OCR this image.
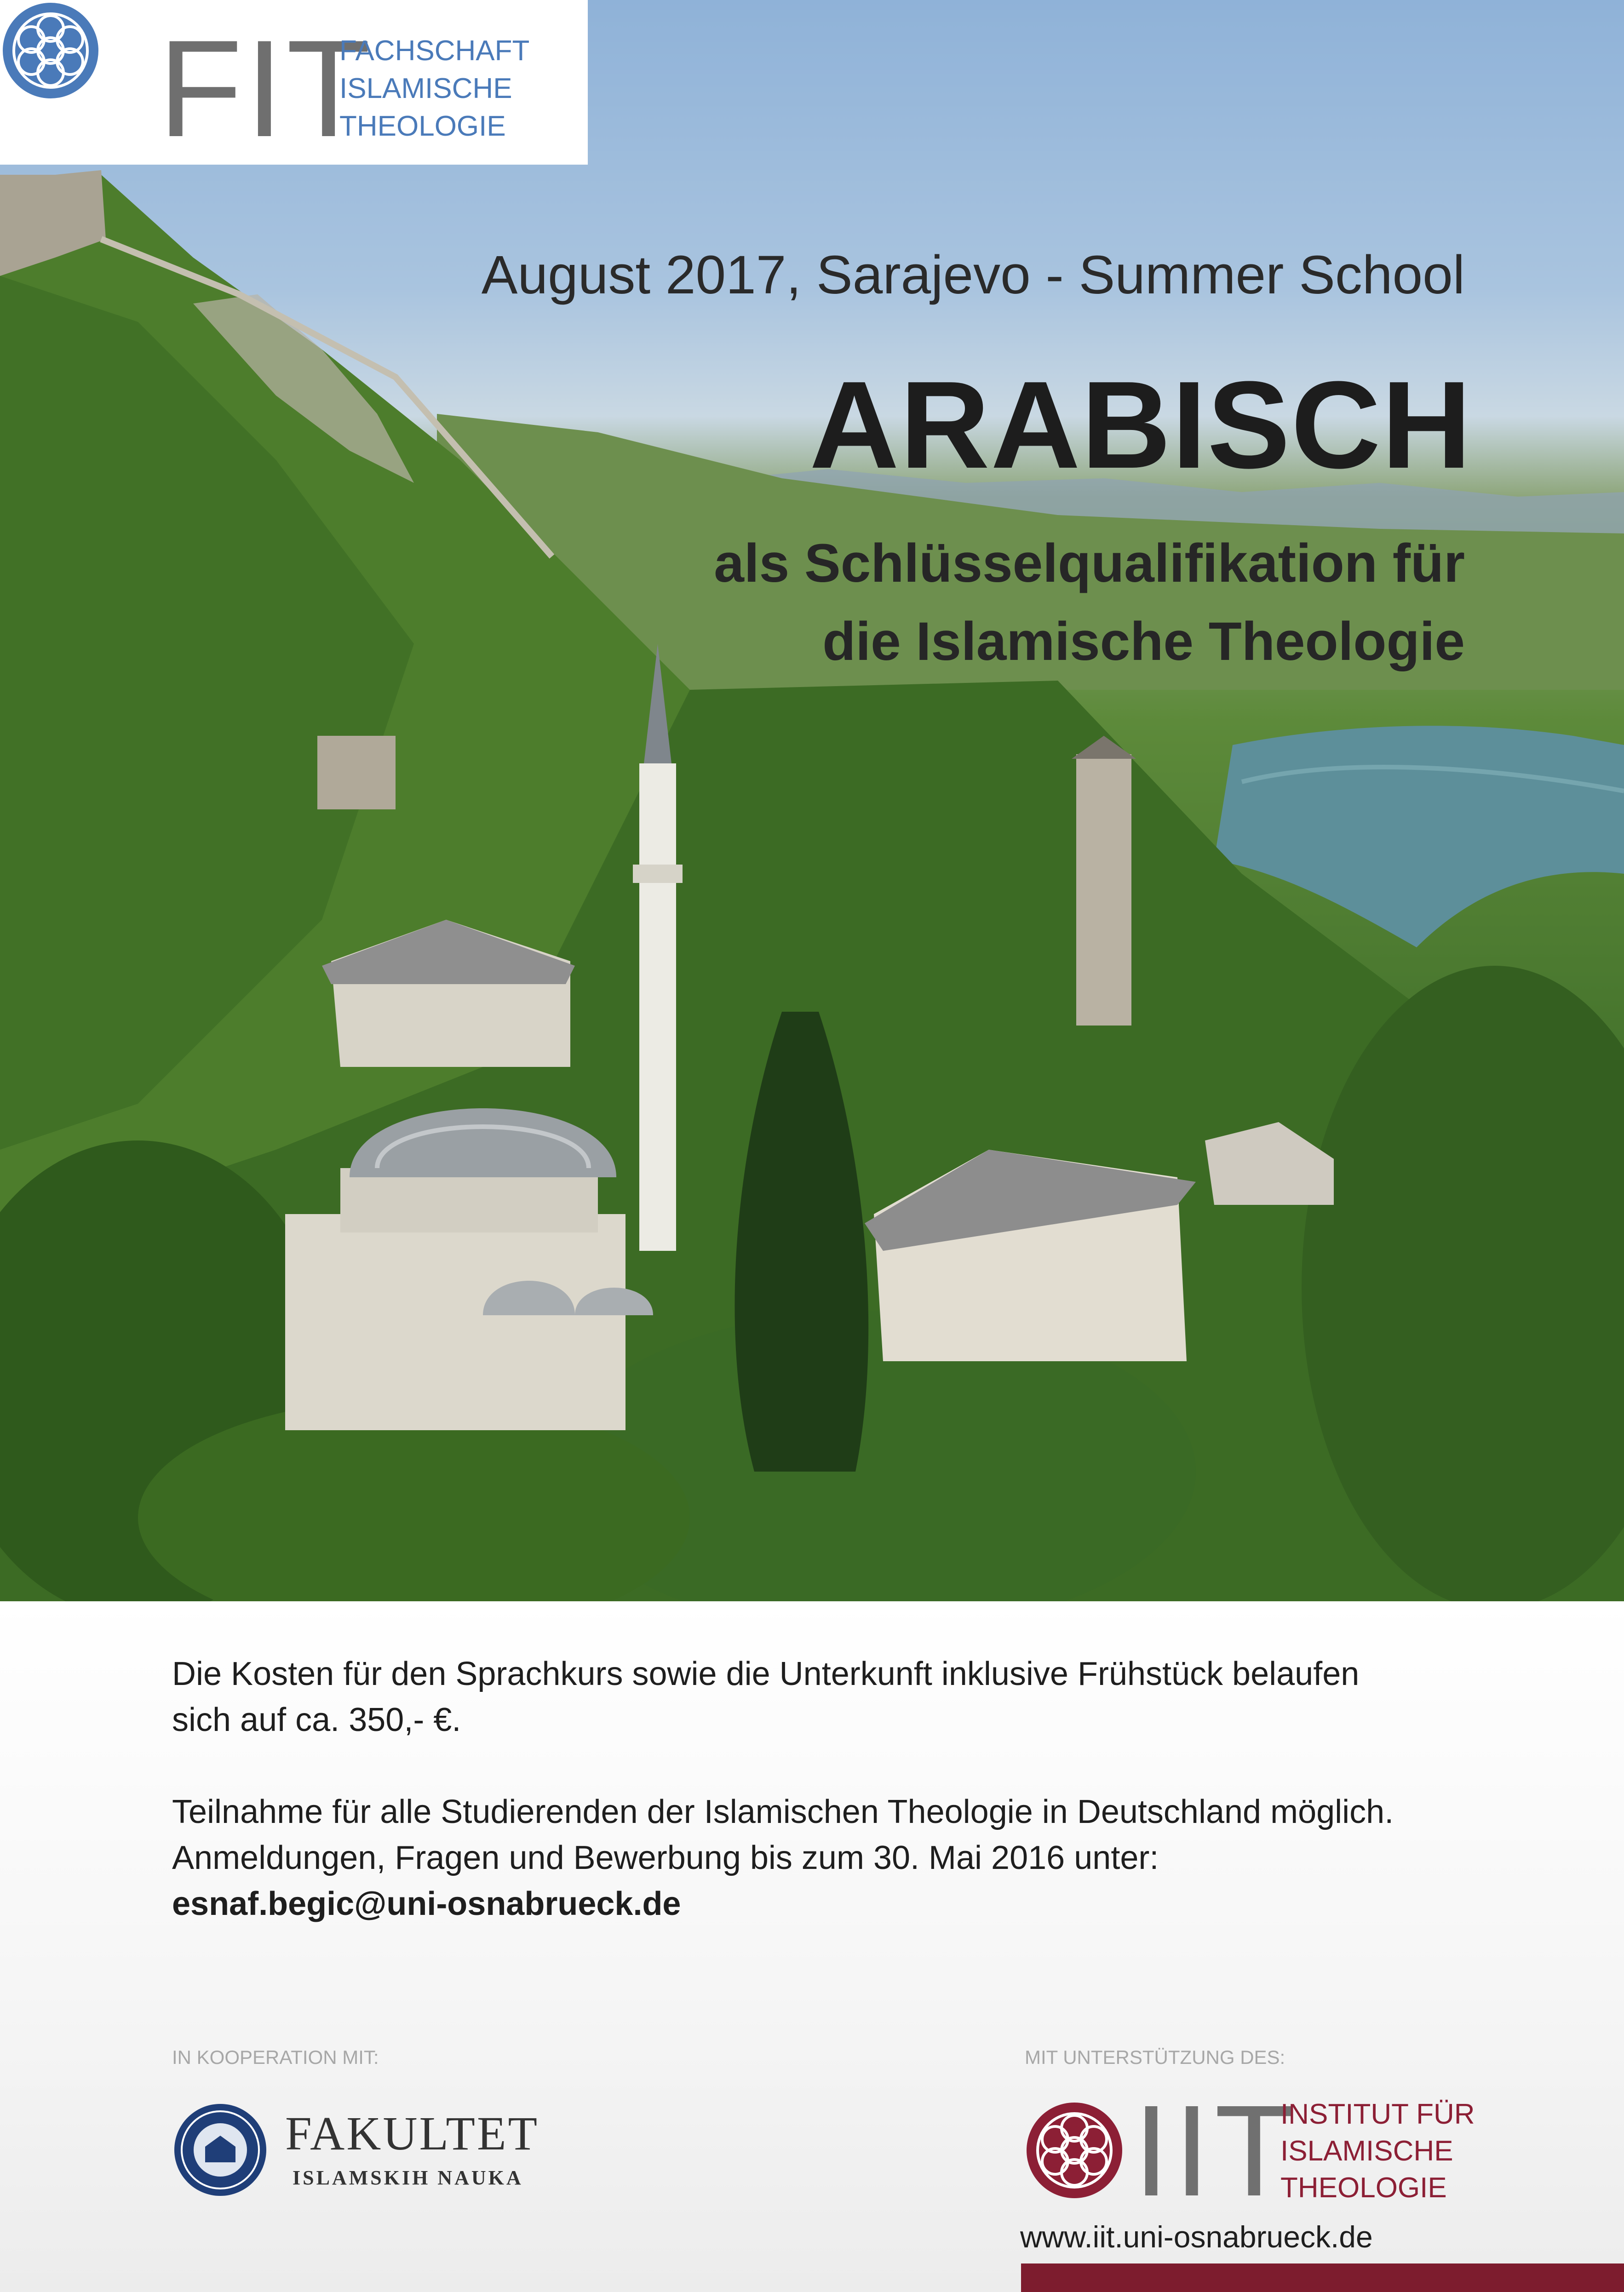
FIT
FACHSCHAFT
ISLAMISCHE
THEOLOGIE
August 2017, Sarajevo - Summer School
ARABISCH
als Schlüsselqualifikation für
die Islamische Theologie

Die Kosten für den Sprachkurs sowie die Unterkunft inklusive Frühstück belaufen

sich auf ca. 350,- €.

Teilnahme für alle Studierenden der Islamischen Theologie in Deutschland möglich.

Anmeldungen, Fragen und Bewerbung bis zum 30. Mai 2016 unter:

esnaf.begic@uni-osnabrueck.de

IN KOOPERATION MIT:	MIT UNTERSTÜTZUNG DES:
FAKULTET
ISLAMSKIH NAUKA	IIT
INSTITUT FÜR
ISLAMISCHE
THEOLOGIE
www.iit.uni-osnabrueck.de
